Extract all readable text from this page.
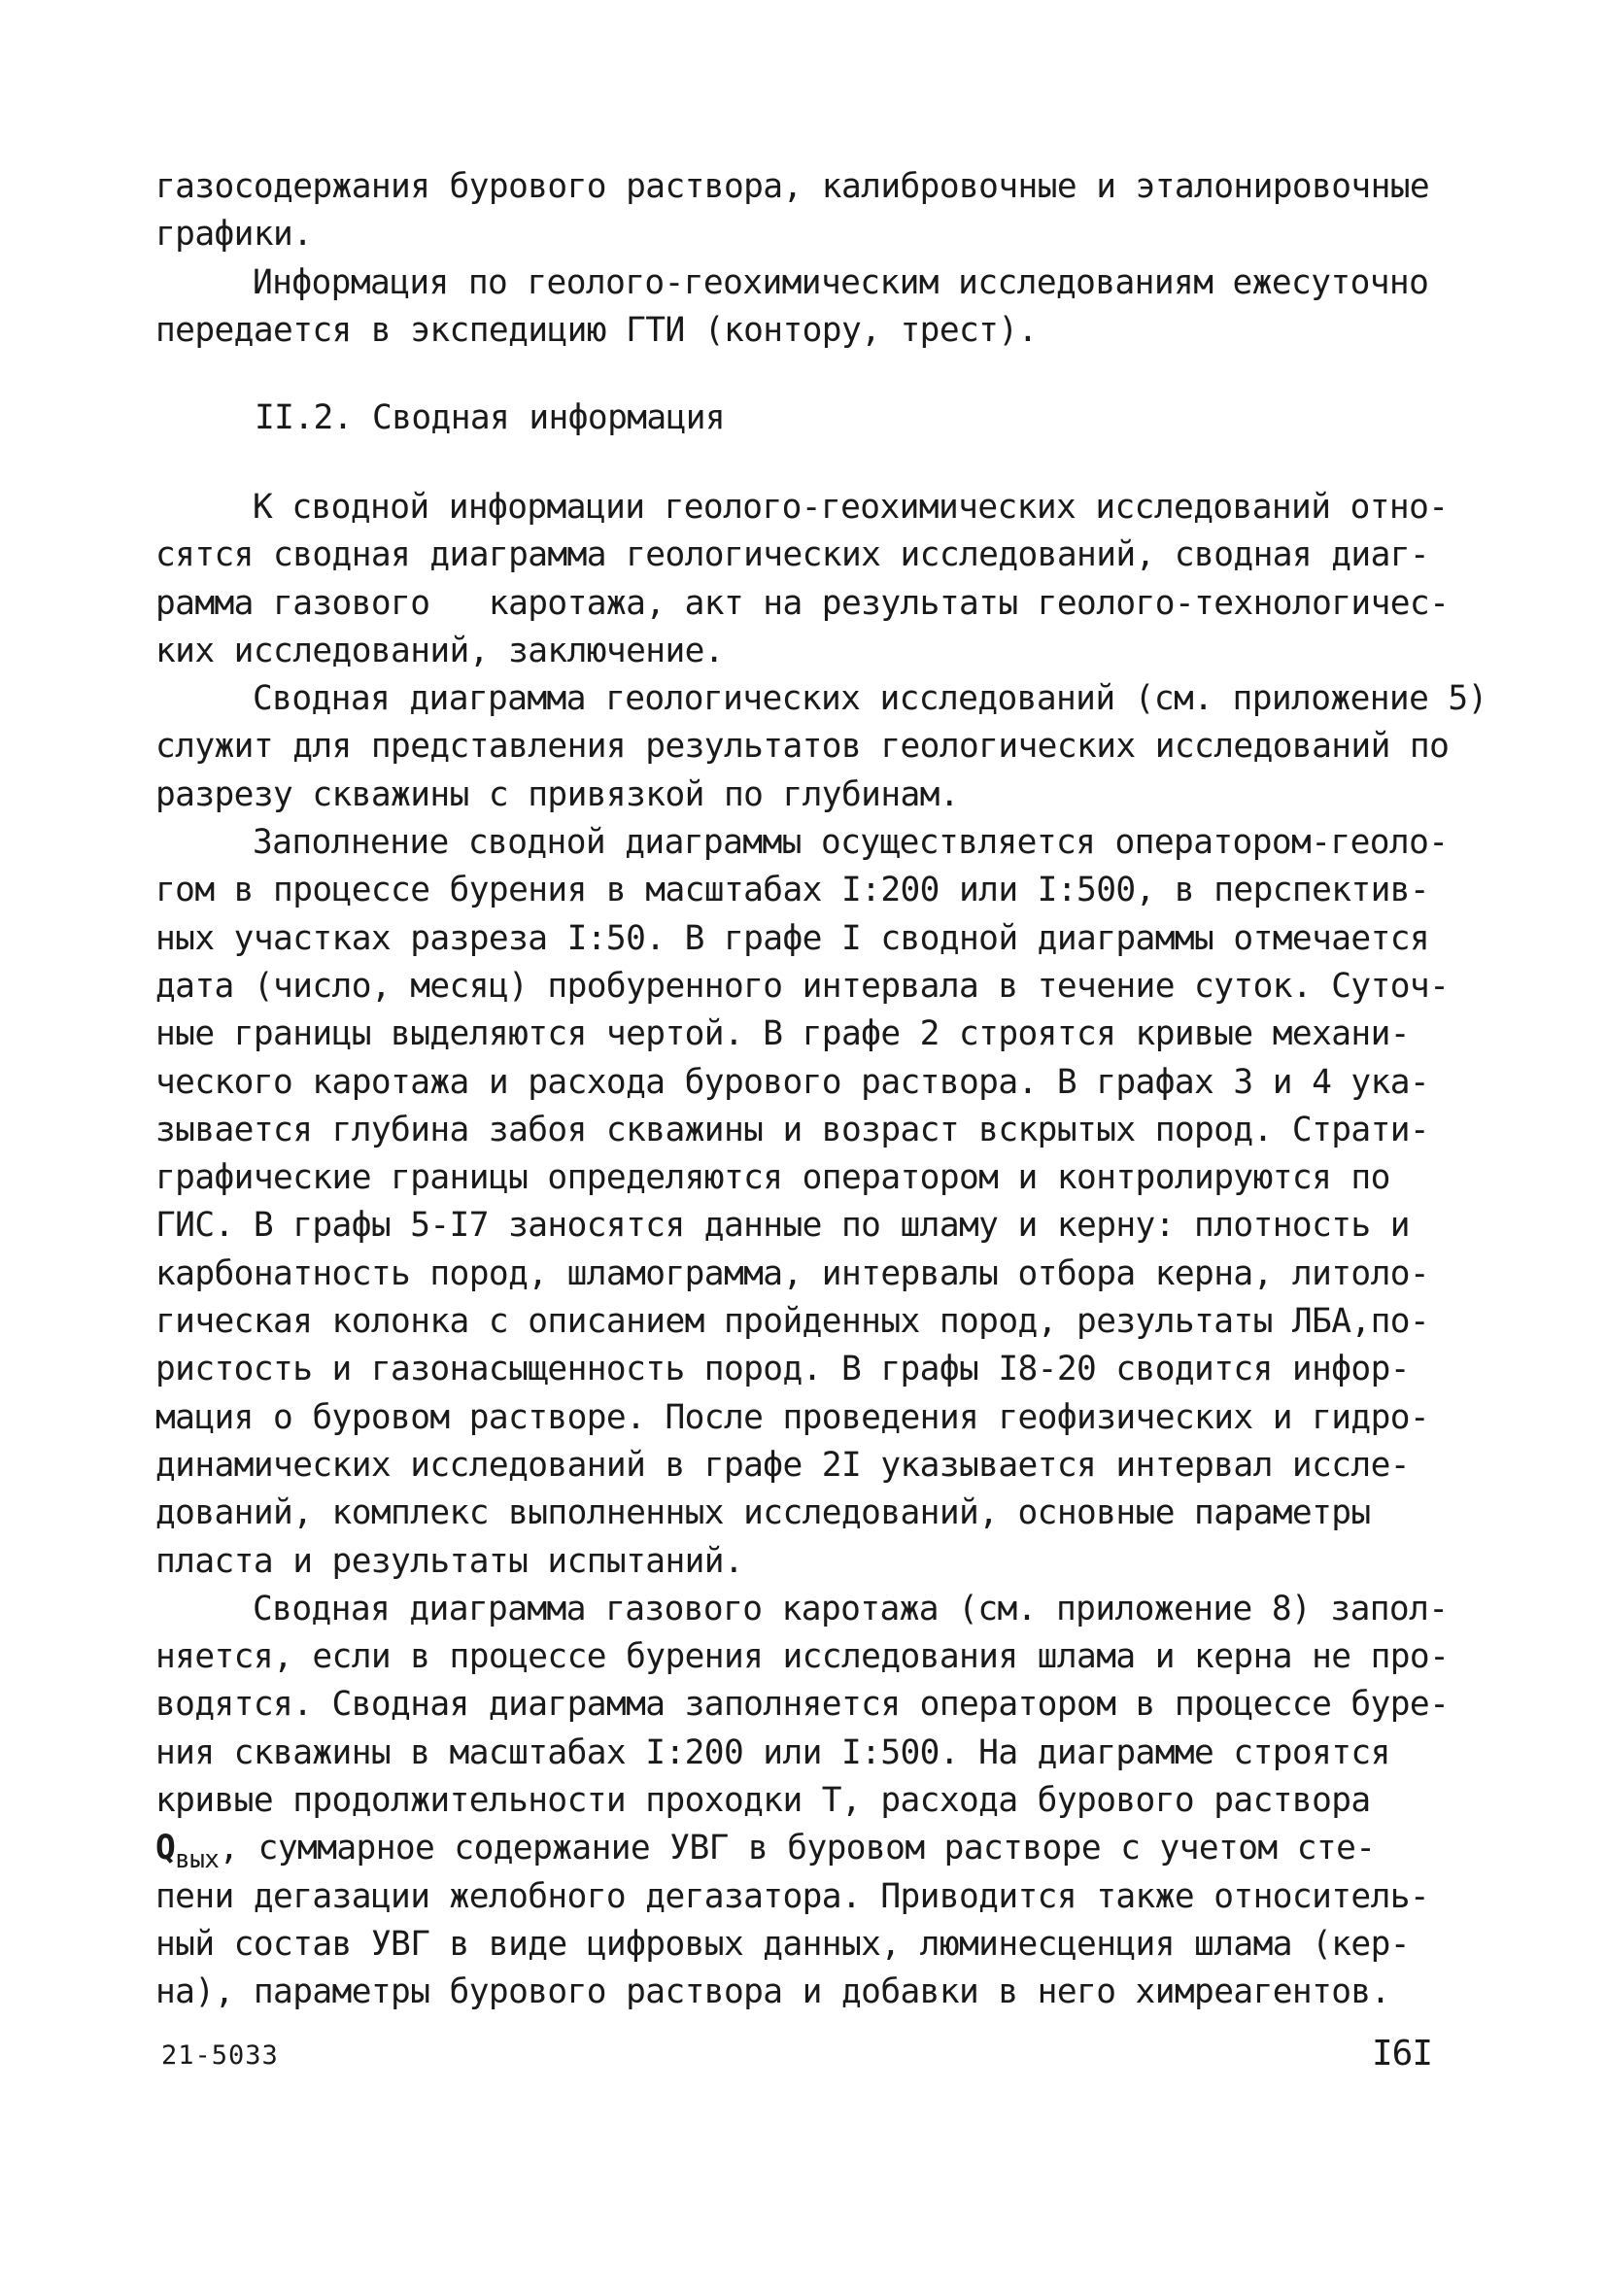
газосодержания бурового раствора, калибровочные и эталонировочные
графики.
Информация по геолого-геохимическим исследованиям ежесуточно
передается в экспедицию ГТИ (контору, трест).
II.2. Сводная информация
К сводной информации геолого-геохимических исследований отно-
сятся сводная диаграмма геологических исследований, сводная диаг-
рамма газового   каротажа, акт на результаты геолого-технологичес-
ких исследований, заключение.
Сводная диаграмма геологических исследований (см. приложение 5)
служит для представления результатов геологических исследований по
разрезу скважины с привязкой по глубинам.
Заполнение сводной диаграммы осуществляется оператором-геоло-
гом в процессе бурения в масштабах I:200 или I:500, в перспектив-
ных участках разреза I:50. В графе I сводной диаграммы отмечается
дата (число, месяц) пробуренного интервала в течение суток. Суточ-
ные границы выделяются чертой. В графе 2 строятся кривые механи-
ческого каротажа и расхода бурового раствора. В графах 3 и 4 ука-
зывается глубина забоя скважины и возраст вскрытых пород. Страти-
графические границы определяются оператором и контролируются по
ГИС. В графы 5-I7 заносятся данные по шламу и керну: плотность и
карбонатность пород, шламограмма, интервалы отбора керна, литоло-
гическая колонка с описанием пройденных пород, результаты ЛБА,по-
ристость и газонасыщенность пород. В графы I8-20 сводится инфор-
мация о буровом растворе. После проведения геофизических и гидро-
динамических исследований в графе 2I указывается интервал иссле-
дований, комплекс выполненных исследований, основные параметры
пласта и результаты испытаний.
Сводная диаграмма газового каротажа (см. приложение 8) запол-
няется, если в процессе бурения исследования шлама и керна не про-
водятся. Сводная диаграмма заполняется оператором в процессе буре-
ния скважины в масштабах I:200 или I:500. На диаграмме строятся
кривые продолжительности проходки Т, расхода бурового раствора
$Q_{вых}$, суммарное содержание УВГ в буровом растворе с учетом сте-
пени дегазации желобного дегазатора. Приводится также относитель-
ный состав УВГ в виде цифровых данных, люминесценция шлама (кер-
на), параметры бурового раствора и добавки в него химреагентов.
21-5033	I6I
